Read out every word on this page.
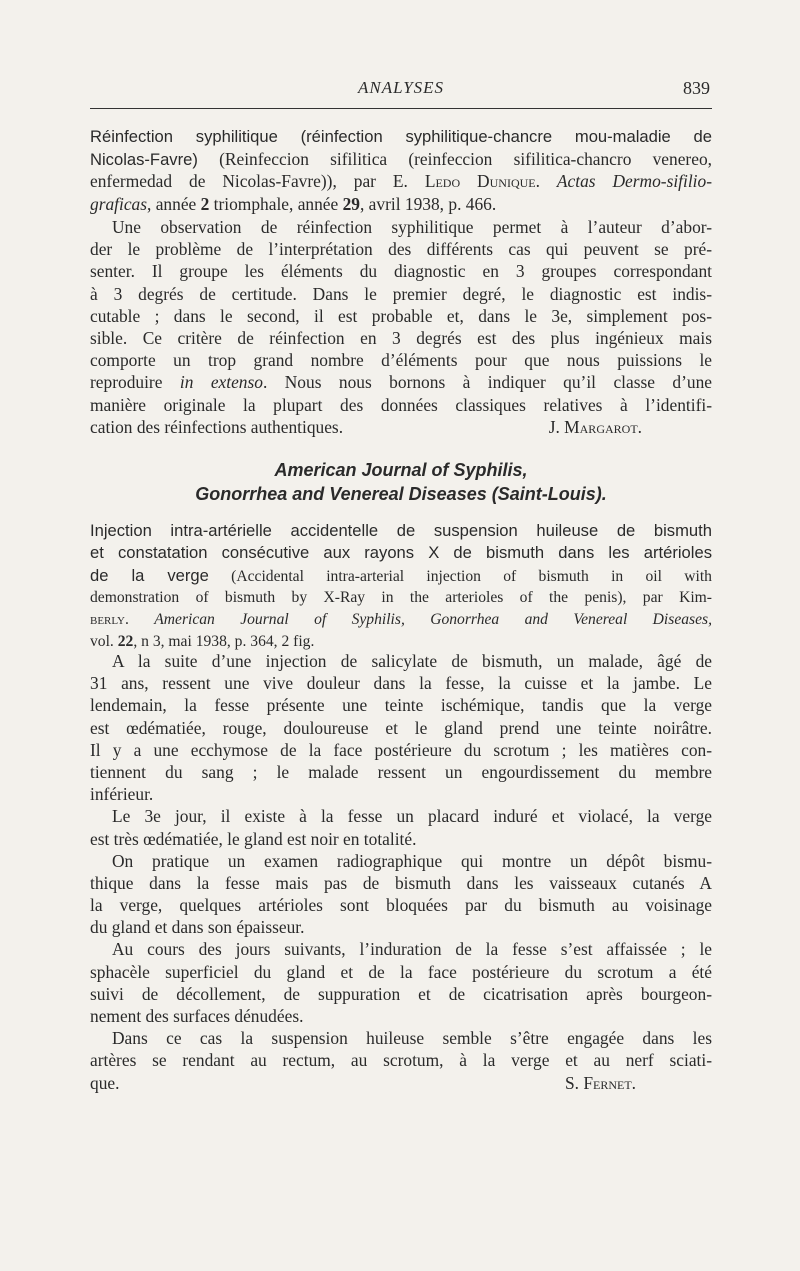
ANALYSES	839
Réinfection syphilitique (réinfection syphilitique-chancre mou-maladie de
Nicolas-Favre) (Reinfeccion sifilitica (reinfeccion sifilitica-chancro venereo,
enfermedad de Nicolas-Favre)), par E. Ledo Dunique. Actas Dermo-sifilio-
graficas, année 2 triomphale, année 29, avril 1938, p. 466.
Une observation de réinfection syphilitique permet à l’auteur d’abor-
der le problème de l’interprétation des différents cas qui peuvent se pré-
senter. Il groupe les éléments du diagnostic en 3 groupes correspondant
à 3 degrés de certitude. Dans le premier degré, le diagnostic est indis-
cutable ; dans le second, il est probable et, dans le 3e, simplement pos-
sible. Ce critère de réinfection en 3 degrés est des plus ingénieux mais
comporte un trop grand nombre d’éléments pour que nous puissions le
reproduire in extenso. Nous nous bornons à indiquer qu’il classe d’une
manière originale la plupart des données classiques relatives à l’identifi-
cation des réinfections authentiques.	J. Margarot.
American Journal of Syphilis,
Gonorrhea and Venereal Diseases (Saint-Louis).
Injection intra-artérielle accidentelle de suspension huileuse de bismuth
et constatation consécutive aux rayons X de bismuth dans les artérioles
de la verge (Accidental intra-arterial injection of bismuth in oil with
demonstration of bismuth by X-Ray in the arterioles of the penis), par Kim-
berly. American Journal of Syphilis, Gonorrhea and Venereal Diseases,
vol. 22, n 3, mai 1938, p. 364, 2 fig.
A la suite d’une injection de salicylate de bismuth, un malade, âgé de
31 ans, ressent une vive douleur dans la fesse, la cuisse et la jambe. Le
lendemain, la fesse présente une teinte ischémique, tandis que la verge
est œdématiée, rouge, douloureuse et le gland prend une teinte noirâtre.
Il y a une ecchymose de la face postérieure du scrotum ; les matières con-
tiennent du sang ; le malade ressent un engourdissement du membre
inférieur.
Le 3e jour, il existe à la fesse un placard induré et violacé, la verge
est très œdématiée, le gland est noir en totalité.
On pratique un examen radiographique qui montre un dépôt bismu-
thique dans la fesse mais pas de bismuth dans les vaisseaux cutanés A
la verge, quelques artérioles sont bloquées par du bismuth au voisinage
du gland et dans son épaisseur.
Au cours des jours suivants, l’induration de la fesse s’est affaissée ; le
sphacèle superficiel du gland et de la face postérieure du scrotum a été
suivi de décollement, de suppuration et de cicatrisation après bourgeon-
nement des surfaces dénudées.
Dans ce cas la suspension huileuse semble s’être engagée dans les
artères se rendant au rectum, au scrotum, à la verge et au nerf sciati-
que.	S. Fernet.
